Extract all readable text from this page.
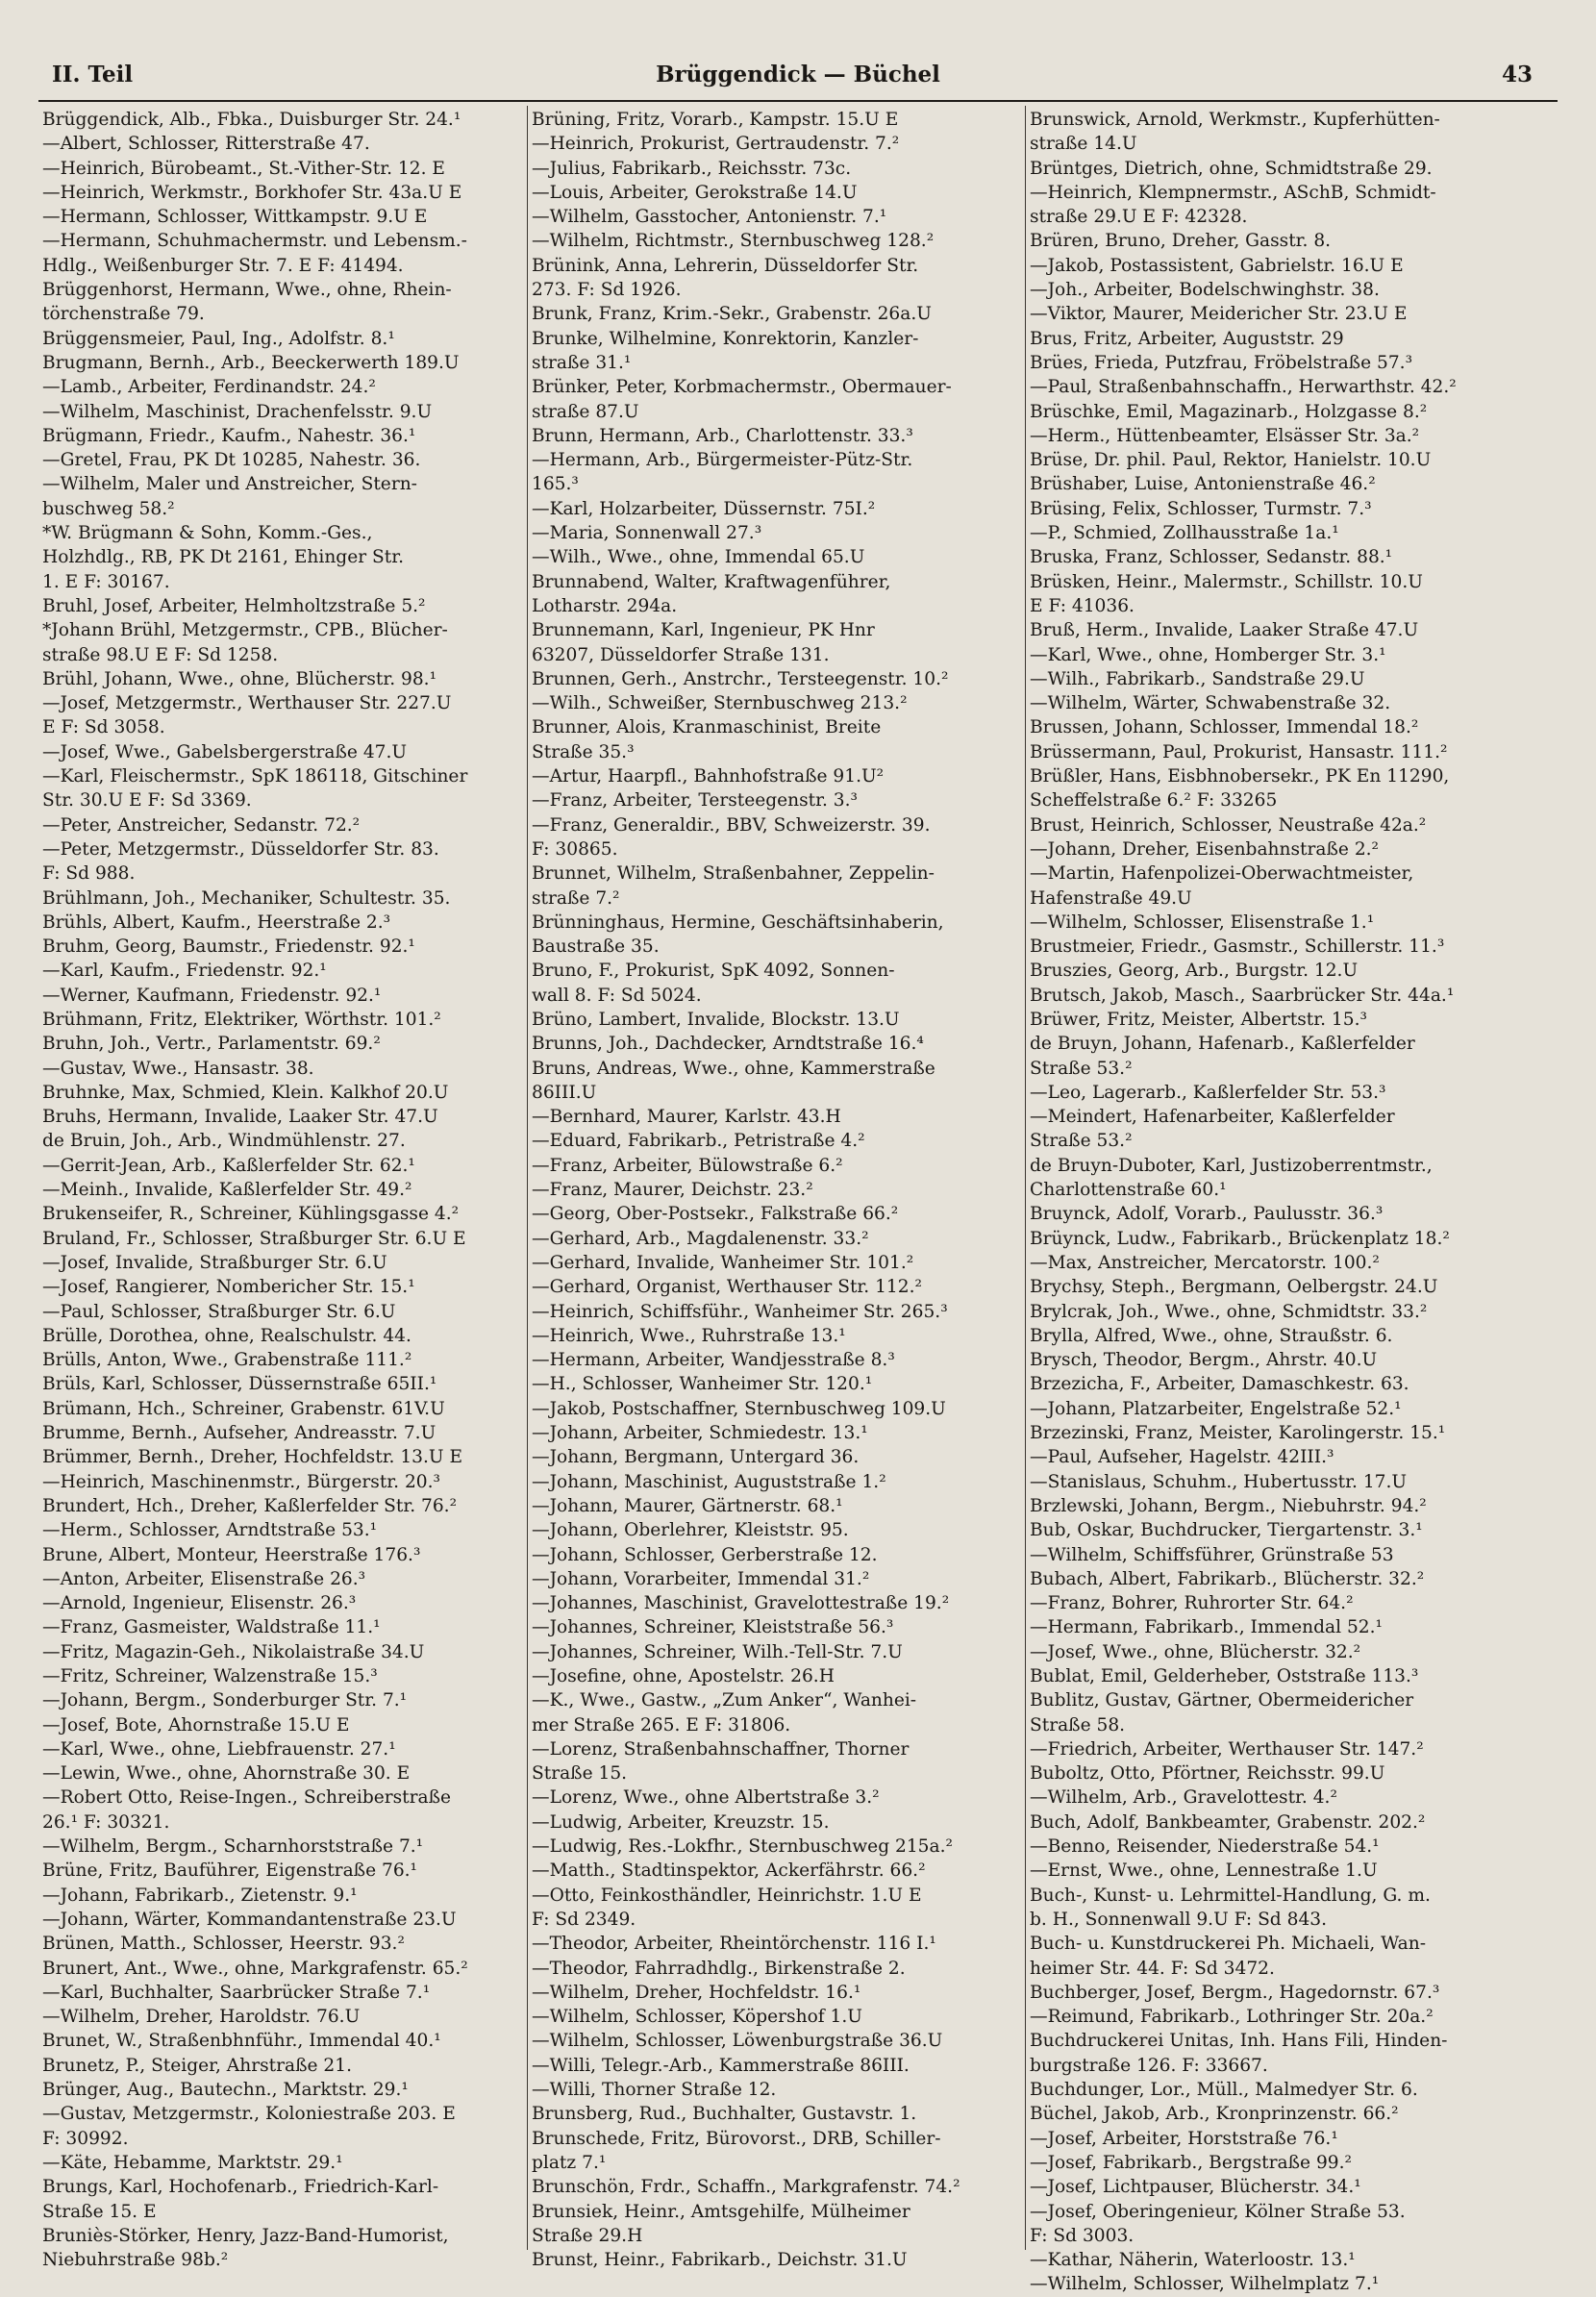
II. Teil	Brüggendick — Büchel	43
Brüggendick, Alb., Fbka., Duisburger Str. 24.¹
—Albert, Schlosser, Ritterstraße 47.
—Heinrich, Bürobeamt., St.-Vither-Str. 12. E
—Heinrich, Werkmstr., Borkhofer Str. 43a.U E
—Hermann, Schlosser, Wittkampstr. 9.U E
—Hermann, Schuhmachermstr. und Lebensm.-
Hdlg., Weißenburger Str. 7. E F: 41494.
Brüggenhorst, Hermann, Wwe., ohne, Rhein-
törchenstraße 79.
Brüggensmeier, Paul, Ing., Adolfstr. 8.¹
Brugmann, Bernh., Arb., Beeckerwerth 189.U
—Lamb., Arbeiter, Ferdinandstr. 24.²
—Wilhelm, Maschinist, Drachenfelsstr. 9.U
Brügmann, Friedr., Kaufm., Nahestr. 36.¹
—Gretel, Frau, PK Dt 10285, Nahestr. 36.
—Wilhelm, Maler und Anstreicher, Stern-
buschweg 58.²
*W. Brügmann & Sohn, Komm.-Ges.,
Holzhdlg., RB, PK Dt 2161, Ehinger Str.
1. E F: 30167.
Bruhl, Josef, Arbeiter, Helmholtzstraße 5.²
*Johann Brühl, Metzgermstr., CPB., Blücher-
straße 98.U E F: Sd 1258.
Brühl, Johann, Wwe., ohne, Blücherstr. 98.¹
—Josef, Metzgermstr., Werthauser Str. 227.U
E F: Sd 3058.
—Josef, Wwe., Gabelsbergerstraße 47.U
—Karl, Fleischermstr., SpK 186118, Gitschiner
Str. 30.U E F: Sd 3369.
—Peter, Anstreicher, Sedanstr. 72.²
—Peter, Metzgermstr., Düsseldorfer Str. 83.
F: Sd 988.
Brühlmann, Joh., Mechaniker, Schultestr. 35.
Brühls, Albert, Kaufm., Heerstraße 2.³
Bruhm, Georg, Baumstr., Friedenstr. 92.¹
—Karl, Kaufm., Friedenstr. 92.¹
—Werner, Kaufmann, Friedenstr. 92.¹
Brühmann, Fritz, Elektriker, Wörthstr. 101.²
Bruhn, Joh., Vertr., Parlamentstr. 69.²
—Gustav, Wwe., Hansastr. 38.
Bruhnke, Max, Schmied, Klein. Kalkhof 20.U
Bruhs, Hermann, Invalide, Laaker Str. 47.U
de Bruin, Joh., Arb., Windmühlenstr. 27.
—Gerrit-Jean, Arb., Kaßlerfelder Str. 62.¹
—Meinh., Invalide, Kaßlerfelder Str. 49.²
Brukenseifer, R., Schreiner, Kühlingsgasse 4.²
Bruland, Fr., Schlosser, Straßburger Str. 6.U E
—Josef, Invalide, Straßburger Str. 6.U
—Josef, Rangierer, Nombericher Str. 15.¹
—Paul, Schlosser, Straßburger Str. 6.U
Brülle, Dorothea, ohne, Realschulstr. 44.
Brülls, Anton, Wwe., Grabenstraße 111.²
Brüls, Karl, Schlosser, Düssernstraße 65II.¹
Brümann, Hch., Schreiner, Grabenstr. 61V.U
Brumme, Bernh., Aufseher, Andreasstr. 7.U
Brümmer, Bernh., Dreher, Hochfeldstr. 13.U E
—Heinrich, Maschinenmstr., Bürgerstr. 20.³
Brundert, Hch., Dreher, Kaßlerfelder Str. 76.²
—Herm., Schlosser, Arndtstraße 53.¹
Brune, Albert, Monteur, Heerstraße 176.³
—Anton, Arbeiter, Elisenstraße 26.³
—Arnold, Ingenieur, Elisenstr. 26.³
—Franz, Gasmeister, Waldstraße 11.¹
—Fritz, Magazin-Geh., Nikolaistraße 34.U
—Fritz, Schreiner, Walzenstraße 15.³
—Johann, Bergm., Sonderburger Str. 7.¹
—Josef, Bote, Ahornstraße 15.U E
—Karl, Wwe., ohne, Liebfrauenstr. 27.¹
—Lewin, Wwe., ohne, Ahornstraße 30. E
—Robert Otto, Reise-Ingen., Schreiberstraße
26.¹ F: 30321.
—Wilhelm, Bergm., Scharnhorststraße 7.¹
Brüne, Fritz, Bauführer, Eigenstraße 76.¹
—Johann, Fabrikarb., Zietenstr. 9.¹
—Johann, Wärter, Kommandantenstraße 23.U
Brünen, Matth., Schlosser, Heerstr. 93.²
Brunert, Ant., Wwe., ohne, Markgrafenstr. 65.²
—Karl, Buchhalter, Saarbrücker Straße 7.¹
—Wilhelm, Dreher, Haroldstr. 76.U
Brunet, W., Straßenbhnführ., Immendal 40.¹
Brunetz, P., Steiger, Ahrstraße 21.
Brünger, Aug., Bautechn., Marktstr. 29.¹
—Gustav, Metzgermstr., Koloniestraße 203. E
F: 30992.
—Käte, Hebamme, Marktstr. 29.¹
Brungs, Karl, Hochofenarb., Friedrich-Karl-
Straße 15. E
Bruniès-Störker, Henry, Jazz-Band-Humorist,
Niebuhrstraße 98b.²
Brüning, Fritz, Vorarb., Kampstr. 15.U E
—Heinrich, Prokurist, Gertraudenstr. 7.²
—Julius, Fabrikarb., Reichsstr. 73c.
—Louis, Arbeiter, Gerokstraße 14.U
—Wilhelm, Gasstocher, Antonienstr. 7.¹
—Wilhelm, Richtmstr., Sternbuschweg 128.²
Brünink, Anna, Lehrerin, Düsseldorfer Str.
273. F: Sd 1926.
Brunk, Franz, Krim.-Sekr., Grabenstr. 26a.U
Brunke, Wilhelmine, Konrektorin, Kanzler-
straße 31.¹
Brünker, Peter, Korbmachermstr., Obermauer-
straße 87.U
Brunn, Hermann, Arb., Charlottenstr. 33.³
—Hermann, Arb., Bürgermeister-Pütz-Str.
165.³
—Karl, Holzarbeiter, Düssernstr. 75I.²
—Maria, Sonnenwall 27.³
—Wilh., Wwe., ohne, Immendal 65.U
Brunnabend, Walter, Kraftwagenführer,
Lotharstr. 294a.
Brunnemann, Karl, Ingenieur, PK Hnr
63207, Düsseldorfer Straße 131.
Brunnen, Gerh., Anstrchr., Tersteegenstr. 10.²
—Wilh., Schweißer, Sternbuschweg 213.²
Brunner, Alois, Kranmaschinist, Breite
Straße 35.³
—Artur, Haarpfl., Bahnhofstraße 91.U²
—Franz, Arbeiter, Tersteegenstr. 3.³
—Franz, Generaldir., BBV, Schweizerstr. 39.
F: 30865.
Brunnet, Wilhelm, Straßenbahner, Zeppelin-
straße 7.²
Brünninghaus, Hermine, Geschäftsinhaberin,
Baustraße 35.
Bruno, F., Prokurist, SpK 4092, Sonnen-
wall 8. F: Sd 5024.
Brüno, Lambert, Invalide, Blockstr. 13.U
Brunns, Joh., Dachdecker, Arndtstraße 16.⁴
Bruns, Andreas, Wwe., ohne, Kammerstraße
86III.U
—Bernhard, Maurer, Karlstr. 43.H
—Eduard, Fabrikarb., Petristraße 4.²
—Franz, Arbeiter, Bülowstraße 6.²
—Franz, Maurer, Deichstr. 23.²
—Georg, Ober-Postsekr., Falkstraße 66.²
—Gerhard, Arb., Magdalenenstr. 33.²
—Gerhard, Invalide, Wanheimer Str. 101.²
—Gerhard, Organist, Werthauser Str. 112.²
—Heinrich, Schiffsführ., Wanheimer Str. 265.³
—Heinrich, Wwe., Ruhrstraße 13.¹
—Hermann, Arbeiter, Wandjesstraße 8.³
—H., Schlosser, Wanheimer Str. 120.¹
—Jakob, Postschaffner, Sternbuschweg 109.U
—Johann, Arbeiter, Schmiedestr. 13.¹
—Johann, Bergmann, Untergard 36.
—Johann, Maschinist, Auguststraße 1.²
—Johann, Maurer, Gärtnerstr. 68.¹
—Johann, Oberlehrer, Kleiststr. 95.
—Johann, Schlosser, Gerberstraße 12.
—Johann, Vorarbeiter, Immendal 31.²
—Johannes, Maschinist, Gravelottestraße 19.²
—Johannes, Schreiner, Kleiststraße 56.³
—Johannes, Schreiner, Wilh.-Tell-Str. 7.U
—Josefine, ohne, Apostelstr. 26.H
—K., Wwe., Gastw., „Zum Anker“, Wanhei-
mer Straße 265. E F: 31806.
—Lorenz, Straßenbahnschaffner, Thorner
Straße 15.
—Lorenz, Wwe., ohne Albertstraße 3.²
—Ludwig, Arbeiter, Kreuzstr. 15.
—Ludwig, Res.-Lokfhr., Sternbuschweg 215a.²
—Matth., Stadtinspektor, Ackerfährstr. 66.²
—Otto, Feinkosthändler, Heinrichstr. 1.U E
F: Sd 2349.
—Theodor, Arbeiter, Rheintörchenstr. 116 I.¹
—Theodor, Fahrradhdlg., Birkenstraße 2.
—Wilhelm, Dreher, Hochfeldstr. 16.¹
—Wilhelm, Schlosser, Köpershof 1.U
—Wilhelm, Schlosser, Löwenburgstraße 36.U
—Willi, Telegr.-Arb., Kammerstraße 86III.
—Willi, Thorner Straße 12.
Brunsberg, Rud., Buchhalter, Gustavstr. 1.
Brunschede, Fritz, Bürovorst., DRB, Schiller-
platz 7.¹
Brunschön, Frdr., Schaffn., Markgrafenstr. 74.²
Brunsiek, Heinr., Amtsgehilfe, Mülheimer
Straße 29.H
Brunst, Heinr., Fabrikarb., Deichstr. 31.U
Brunswick, Arnold, Werkmstr., Kupferhütten-
straße 14.U
Brüntges, Dietrich, ohne, Schmidtstraße 29.
—Heinrich, Klempnermstr., ASchB, Schmidt-
straße 29.U E F: 42328.
Brüren, Bruno, Dreher, Gasstr. 8.
—Jakob, Postassistent, Gabrielstr. 16.U E
—Joh., Arbeiter, Bodelschwinghstr. 38.
—Viktor, Maurer, Meidericher Str. 23.U E
Brus, Fritz, Arbeiter, Auguststr. 29
Brües, Frieda, Putzfrau, Fröbelstraße 57.³
—Paul, Straßenbahnschaffn., Herwarthstr. 42.²
Brüschke, Emil, Magazinarb., Holzgasse 8.²
—Herm., Hüttenbeamter, Elsässer Str. 3a.²
Brüse, Dr. phil. Paul, Rektor, Hanielstr. 10.U
Brüshaber, Luise, Antonienstraße 46.²
Brüsing, Felix, Schlosser, Turmstr. 7.³
—P., Schmied, Zollhausstraße 1a.¹
Bruska, Franz, Schlosser, Sedanstr. 88.¹
Brüsken, Heinr., Malermstr., Schillstr. 10.U
E F: 41036.
Bruß, Herm., Invalide, Laaker Straße 47.U
—Karl, Wwe., ohne, Homberger Str. 3.¹
—Wilh., Fabrikarb., Sandstraße 29.U
—Wilhelm, Wärter, Schwabenstraße 32.
Brussen, Johann, Schlosser, Immendal 18.²
Brüssermann, Paul, Prokurist, Hansastr. 111.²
Brüßler, Hans, Eisbhnobersekr., PK En 11290,
Scheffelstraße 6.² F: 33265
Brust, Heinrich, Schlosser, Neustraße 42a.²
—Johann, Dreher, Eisenbahnstraße 2.²
—Martin, Hafenpolizei-Oberwachtmeister,
Hafenstraße 49.U
—Wilhelm, Schlosser, Elisenstraße 1.¹
Brustmeier, Friedr., Gasmstr., Schillerstr. 11.³
Bruszies, Georg, Arb., Burgstr. 12.U
Brutsch, Jakob, Masch., Saarbrücker Str. 44a.¹
Brüwer, Fritz, Meister, Albertstr. 15.³
de Bruyn, Johann, Hafenarb., Kaßlerfelder
Straße 53.²
—Leo, Lagerarb., Kaßlerfelder Str. 53.³
—Meindert, Hafenarbeiter, Kaßlerfelder
Straße 53.²
de Bruyn-Duboter, Karl, Justizoberrentmstr.,
Charlottenstraße 60.¹
Bruynck, Adolf, Vorarb., Paulusstr. 36.³
Brüynck, Ludw., Fabrikarb., Brückenplatz 18.²
—Max, Anstreicher, Mercatorstr. 100.²
Brychsy, Steph., Bergmann, Oelbergstr. 24.U
Brylcrak, Joh., Wwe., ohne, Schmidtstr. 33.²
Brylla, Alfred, Wwe., ohne, Straußstr. 6.
Brysch, Theodor, Bergm., Ahrstr. 40.U
Brzezicha, F., Arbeiter, Damaschkestr. 63.
—Johann, Platzarbeiter, Engelstraße 52.¹
Brzezinski, Franz, Meister, Karolingerstr. 15.¹
—Paul, Aufseher, Hagelstr. 42III.³
—Stanislaus, Schuhm., Hubertusstr. 17.U
Brzlewski, Johann, Bergm., Niebuhrstr. 94.²
Bub, Oskar, Buchdrucker, Tiergartenstr. 3.¹
—Wilhelm, Schiffsführer, Grünstraße 53
Bubach, Albert, Fabrikarb., Blücherstr. 32.²
—Franz, Bohrer, Ruhrorter Str. 64.²
—Hermann, Fabrikarb., Immendal 52.¹
—Josef, Wwe., ohne, Blücherstr. 32.²
Bublat, Emil, Gelderheber, Oststraße 113.³
Bublitz, Gustav, Gärtner, Obermeidericher
Straße 58.
—Friedrich, Arbeiter, Werthauser Str. 147.²
Buboltz, Otto, Pförtner, Reichsstr. 99.U
—Wilhelm, Arb., Gravelottestr. 4.²
Buch, Adolf, Bankbeamter, Grabenstr. 202.²
—Benno, Reisender, Niederstraße 54.¹
—Ernst, Wwe., ohne, Lennestraße 1.U
Buch-, Kunst- u. Lehrmittel-Handlung, G. m.
b. H., Sonnenwall 9.U F: Sd 843.
Buch- u. Kunstdruckerei Ph. Michaeli, Wan-
heimer Str. 44. F: Sd 3472.
Buchberger, Josef, Bergm., Hagedornstr. 67.³
—Reimund, Fabrikarb., Lothringer Str. 20a.²
Buchdruckerei Unitas, Inh. Hans Fili, Hinden-
burgstraße 126. F: 33667.
Buchdunger, Lor., Müll., Malmedyer Str. 6.
Büchel, Jakob, Arb., Kronprinzenstr. 66.²
—Josef, Arbeiter, Horststraße 76.¹
—Josef, Fabrikarb., Bergstraße 99.²
—Josef, Lichtpauser, Blücherstr. 34.¹
—Josef, Oberingenieur, Kölner Straße 53.
F: Sd 3003.
—Kathar, Näherin, Waterloostr. 13.¹
—Wilhelm, Schlosser, Wilhelmplatz 7.¹
